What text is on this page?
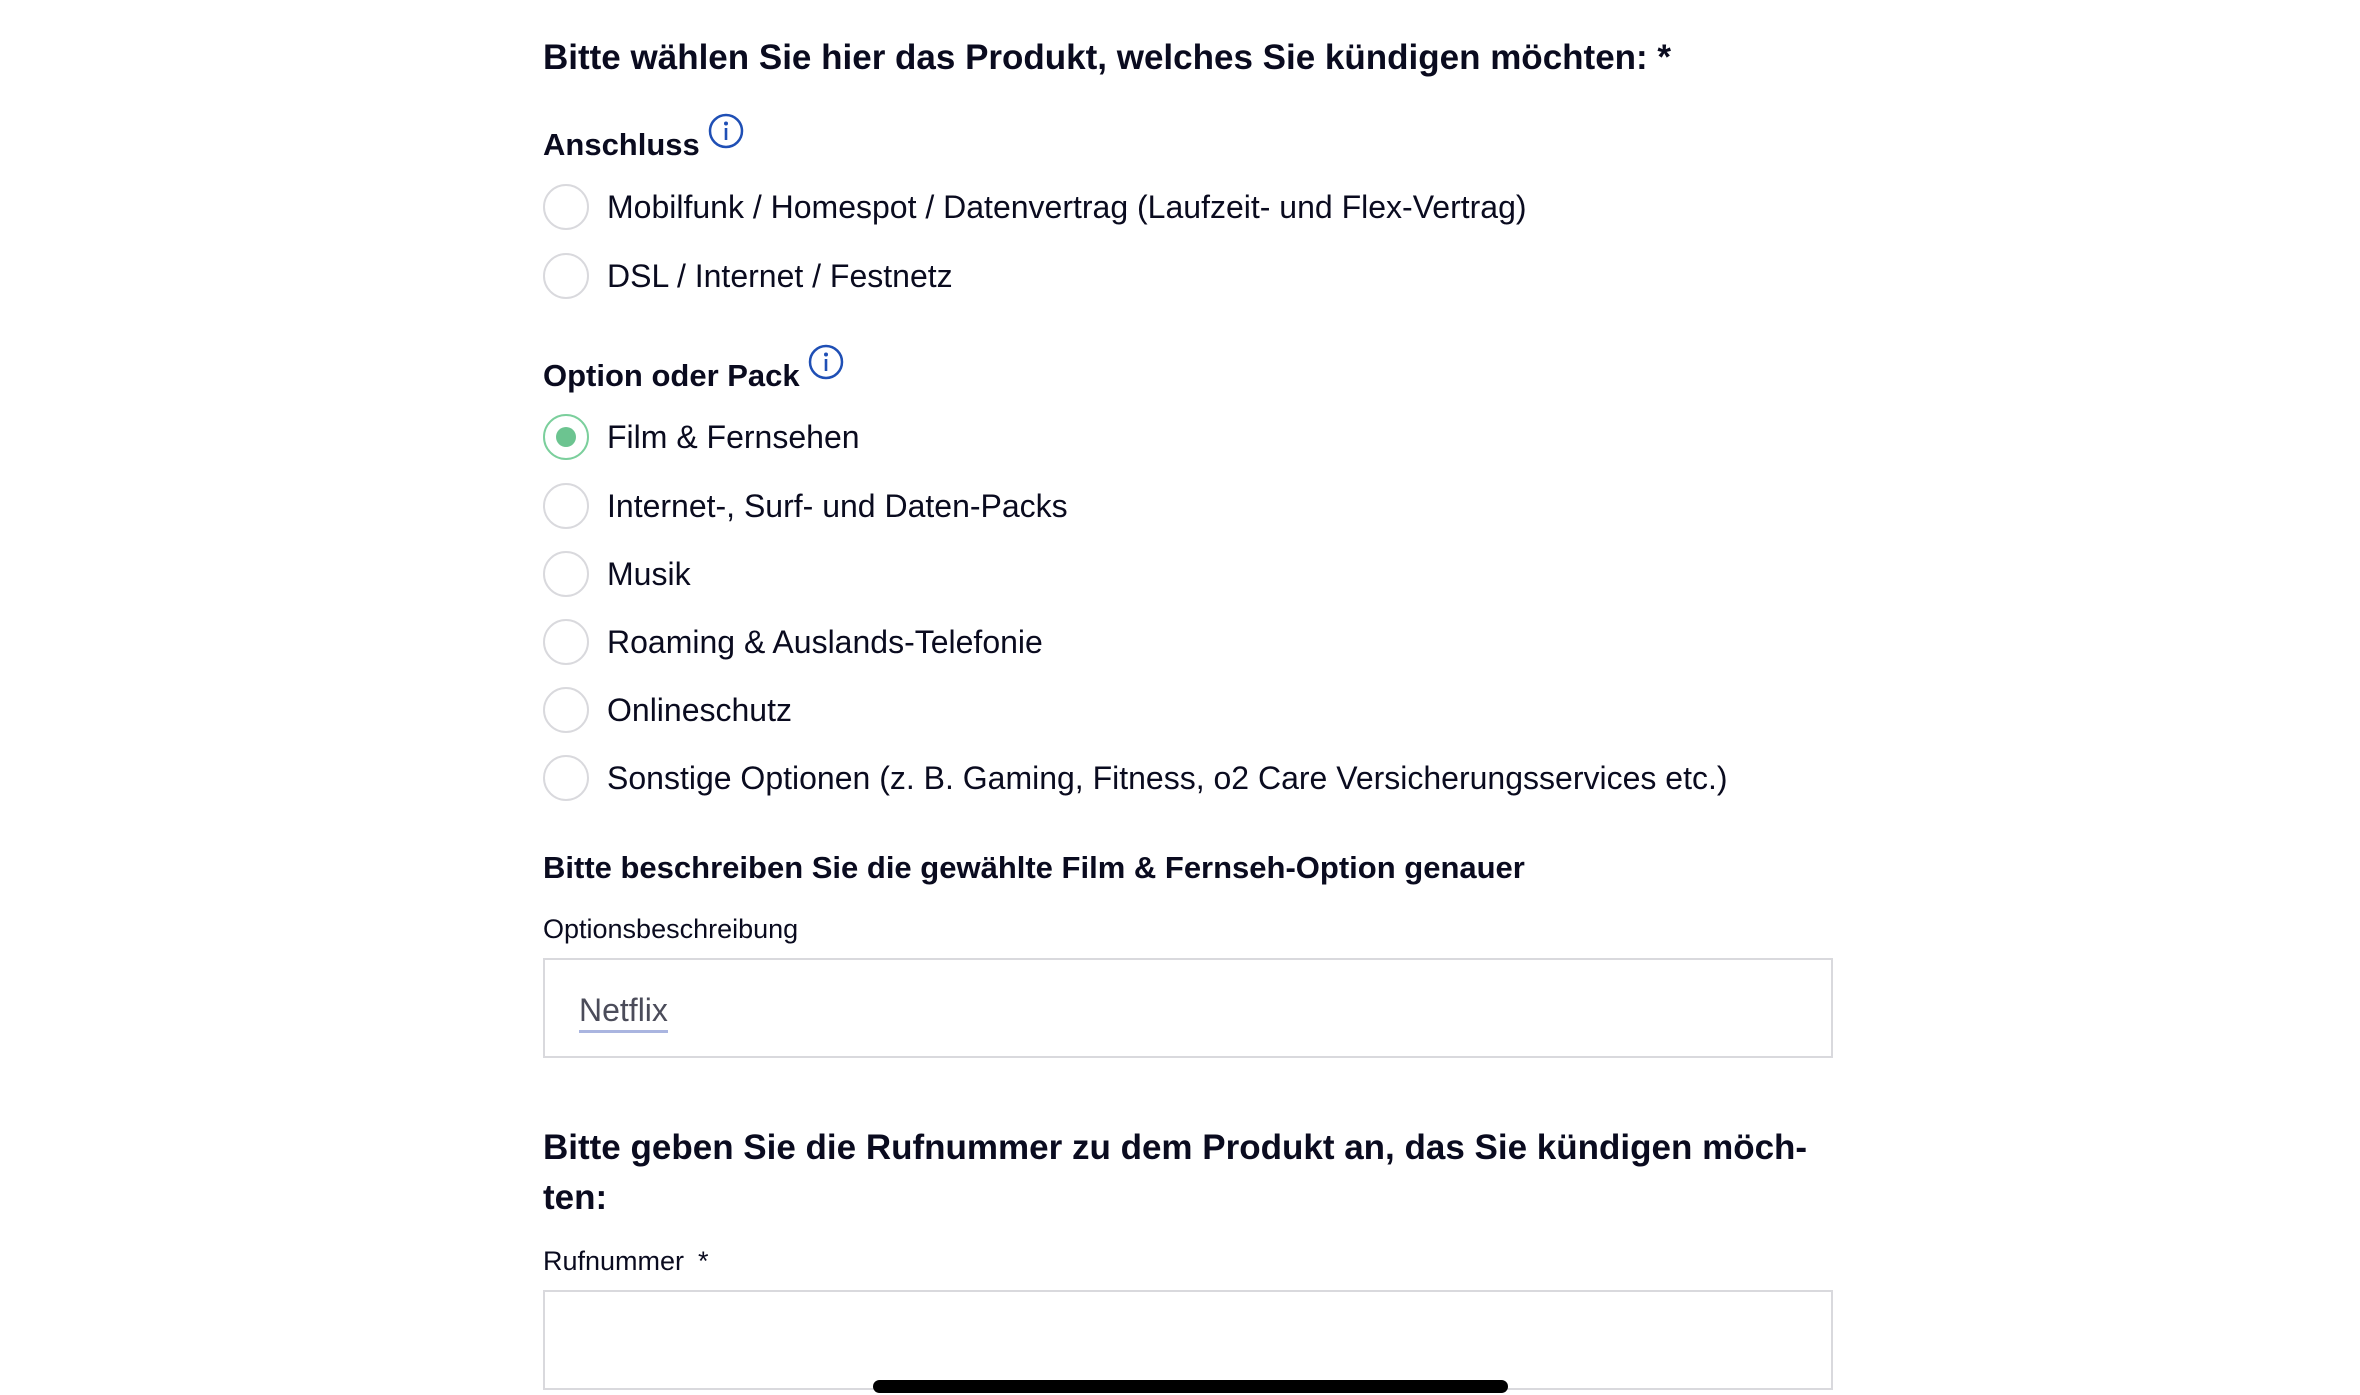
Bitte wählen Sie hier das Produkt, welches Sie kündigen möchten: *
Anschluss
Mobilfunk / Homespot / Datenvertrag (Laufzeit- und Flex-Vertrag)
DSL / Internet / Festnetz
Option oder Pack
Film & Fernsehen
Internet-, Surf- und Daten-Packs
Musik
Roaming & Auslands-Telefonie
Onlineschutz
Sonstige Optionen (z. B. Gaming, Fitness, o2 Care Versicherungsservices etc.)
Bitte beschreiben Sie die gewählte Film & Fernseh-Option genauer
Optionsbeschreibung
Netflix
Bitte geben Sie die Rufnummer zu dem Produkt an, das Sie kündigen möch-
ten:
Rufnummer *
